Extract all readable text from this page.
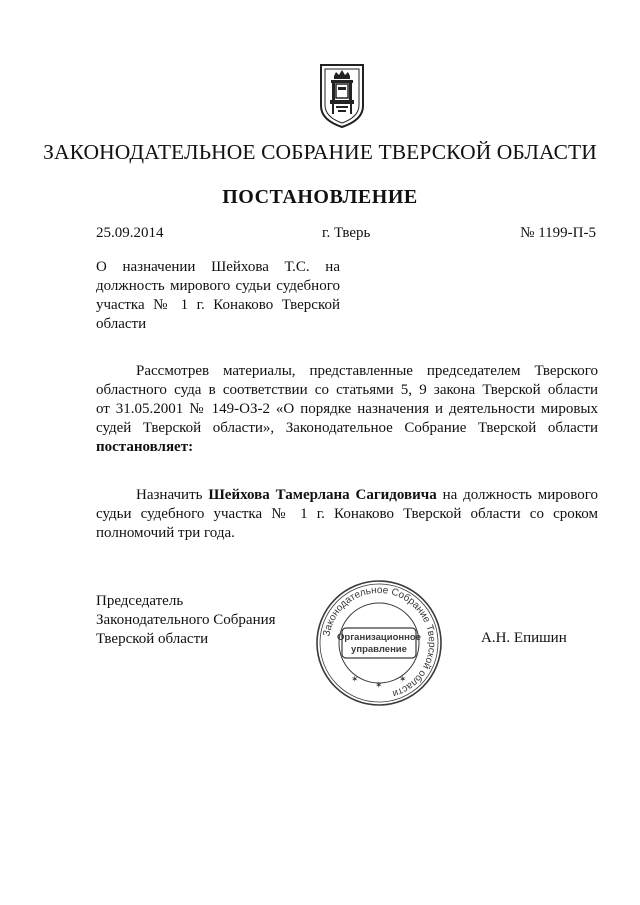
ЗАКОНОДАТЕЛЬНОЕ СОБРАНИЕ ТВЕРСКОЙ ОБЛАСТИ
ПОСТАНОВЛЕНИЕ
25.09.2014	г. Тверь	№ 1199-П-5
О назначении Шейхова Т.С. на
должность мирового судьи судебного
участка № 1 г. Конаково Тверской
области
Рассмотрев материалы, представленные председателем Тверского
областного суда в соответствии со статьями 5, 9 закона Тверской области
от 31.05.2001 № 149-ОЗ-2 «О порядке назначения и деятельности мировых
судей Тверской области», Законодательное Собрание Тверской области
постановляет:
Назначить Шейхова Тамерлана Сагидовича на должность мирового
судьи судебного участка № 1 г. Конаково Тверской области со сроком
полномочий три года.
Председатель
Законодательного Собрания
Тверской области	А.Н. Епишин
Законодательное Собрание Тверской области
Организационное
управление
✶
✶
✶
